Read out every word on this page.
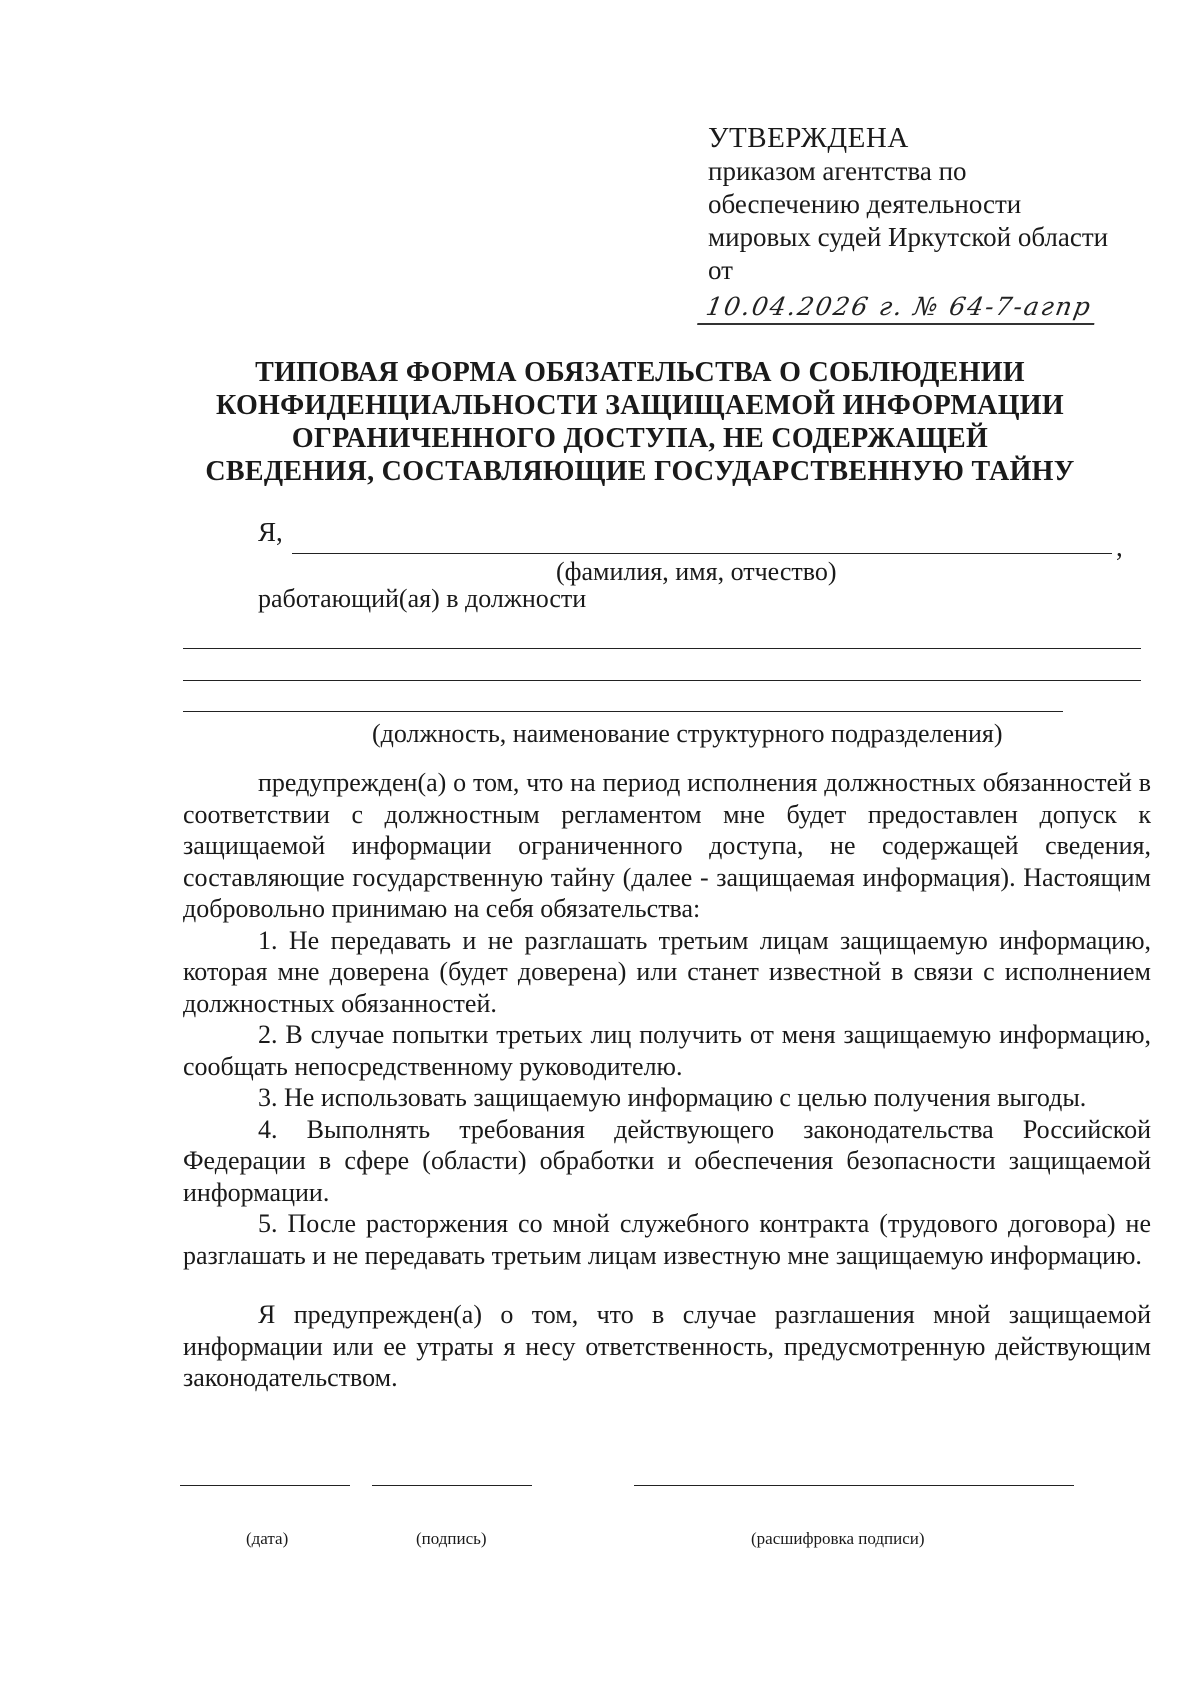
УТВЕРЖДЕНА
приказом агентства по
обеспечению деятельности
мировых судей Иркутской области
от
10.04.2026 г. № 64-7-агпр
ТИПОВАЯ ФОРМА ОБЯЗАТЕЛЬСТВА О СОБЛЮДЕНИИ
КОНФИДЕНЦИАЛЬНОСТИ ЗАЩИЩАЕМОЙ ИНФОРМАЦИИ
ОГРАНИЧЕННОГО ДОСТУПА, НЕ СОДЕРЖАЩЕЙ
СВЕДЕНИЯ, СОСТАВЛЯЮЩИЕ ГОСУДАРСТВЕННУЮ ТАЙНУ
Я,	,
(фамилия, имя, отчество)
работающий(ая) в должности
(должность, наименование структурного подразделения)

предупрежден(а) о том, что на период исполнения должностных обязанностей в соответствии с должностным регламентом мне будет предоставлен допуск к защищаемой информации ограниченного доступа, не содержащей сведения, составляющие государственную тайну (далее - защищаемая информация). Настоящим добровольно принимаю на себя обязательства:

1. Не передавать и не разглашать третьим лицам защищаемую информацию, которая мне доверена (будет доверена) или станет известной в связи с исполнением должностных обязанностей.

2. В случае попытки третьих лиц получить от меня защищаемую информацию, сообщать непосредственному руководителю.

3. Не использовать защищаемую информацию с целью получения выгоды.

4. Выполнять требования действующего законодательства Российской Федерации в сфере (области) обработки и обеспечения безопасности защищаемой информации.

5. После расторжения со мной служебного контракта (трудового договора) не разглашать и не передавать третьим лицам известную мне защищаемую информацию.

Я предупрежден(а) о том, что в случае разглашения мной защищаемой информации или ее утраты я несу ответственность, предусмотренную действующим законодательством.

(дата)	(подпись)	(расшифровка подписи)
